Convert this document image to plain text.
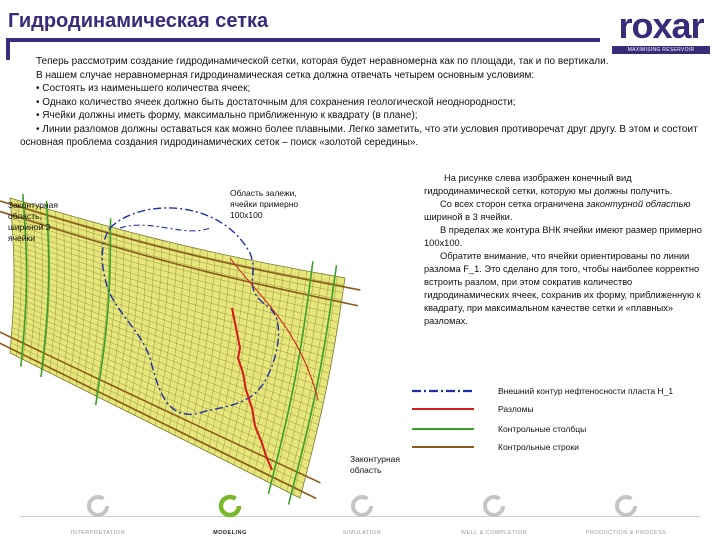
Гидродинамическая сетка	roxar
MAXIMISING RESERVOIR PERFORMANCE

Теперь рассмотрим создание гидродинамической сетки, которая будет неравномерна как по площади, так и по вертикали.

В нашем случае неравномерная гидродинамическая сетка должна отвечать четырем основным условиям:

• Состоять из наименьшего количества ячеек;

• Однако количество ячеек должно быть достаточным для сохранения геологической неоднородности;

• Ячейки должны иметь форму, максимально приближенную к квадрату (в плане);

• Линии разломов должны оставаться как можно более плавными. Легко заметить, что эти условия противоречат друг другу. В этом и состоит основная проблема создания гидродинамических сеток – поиск «золотой середины».

Законтурная область, шириной 3 ячейки
Область залежи, ячейки примерно 100x100
Законтурная область

На рисунке слева изображен конечный вид гидродинамической сетки, которую мы должны получить.

Со всех сторон сетка ограничена законтурной областью шириной в 3 ячейки.

В пределах же контура ВНК ячейки имеют размер примерно 100x100.

Обратите внимание, что ячейки ориентированы по линии разлома F_1. Это сделано для того, чтобы наиболее корректно встроить разлом, при этом сократив количество гидродинамических ячеек, сохранив их форму, приближенную к квадрату, при максимальном качестве сетки и «плавных» разломах.

Внешний контур нефтеносности пласта H_1
Разломы
Контрольные столбцы
Контрольные строки
INTERPRETATION	MODELING	SIMULATION	WELL & COMPLETION	PRODUCTION & PROCESS
